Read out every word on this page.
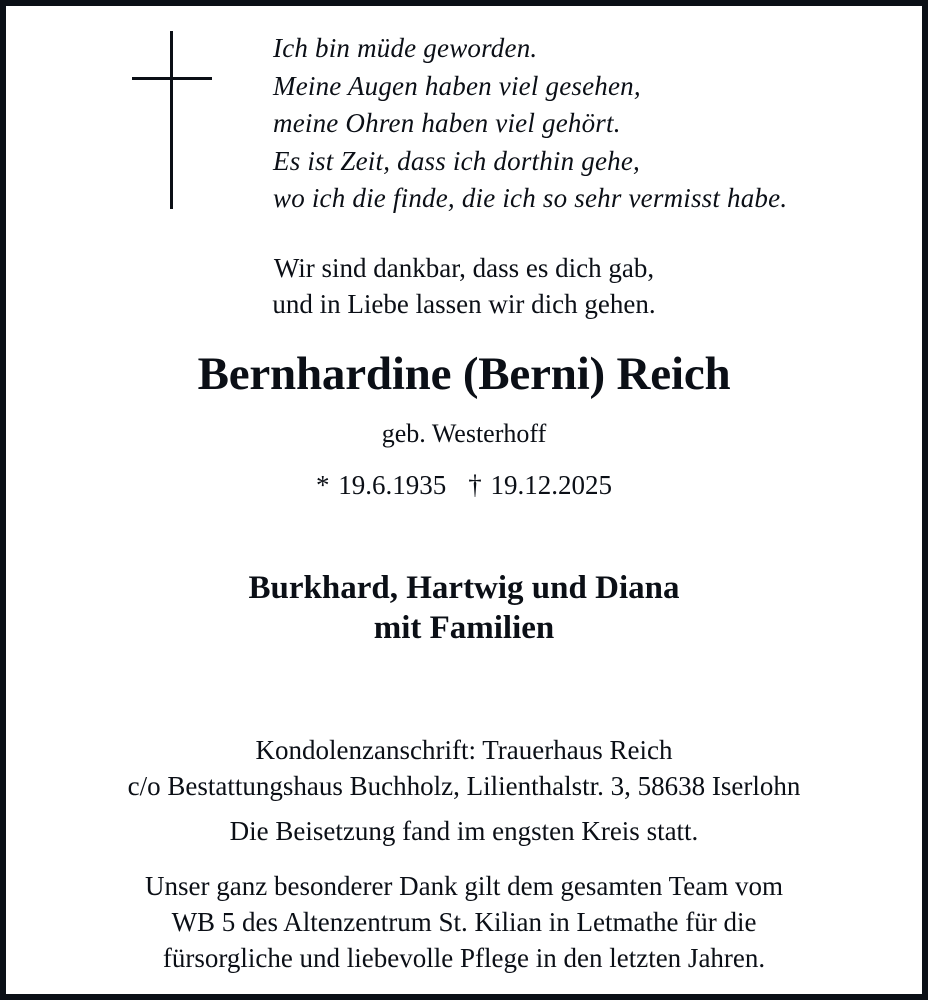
Ich bin müde geworden.
Meine Augen haben viel gesehen,
meine Ohren haben viel gehört.
Es ist Zeit, dass ich dorthin gehe,
wo ich die finde, die ich so sehr vermisst habe.
Wir sind dankbar, dass es dich gab,
und in Liebe lassen wir dich gehen.
Bernhardine (Berni) Reich
geb. Westerhoff
* 19.6.1935 † 19.12.2025
Burkhard, Hartwig und Diana
mit Familien
Kondolenzanschrift: Trauerhaus Reich
c/o Bestattungshaus Buchholz, Lilienthalstr. 3, 58638 Iserlohn
Die Beisetzung fand im engsten Kreis statt.
Unser ganz besonderer Dank gilt dem gesamten Team vom
WB 5 des Altenzentrum St. Kilian in Letmathe für die
fürsorgliche und liebevolle Pflege in den letzten Jahren.
